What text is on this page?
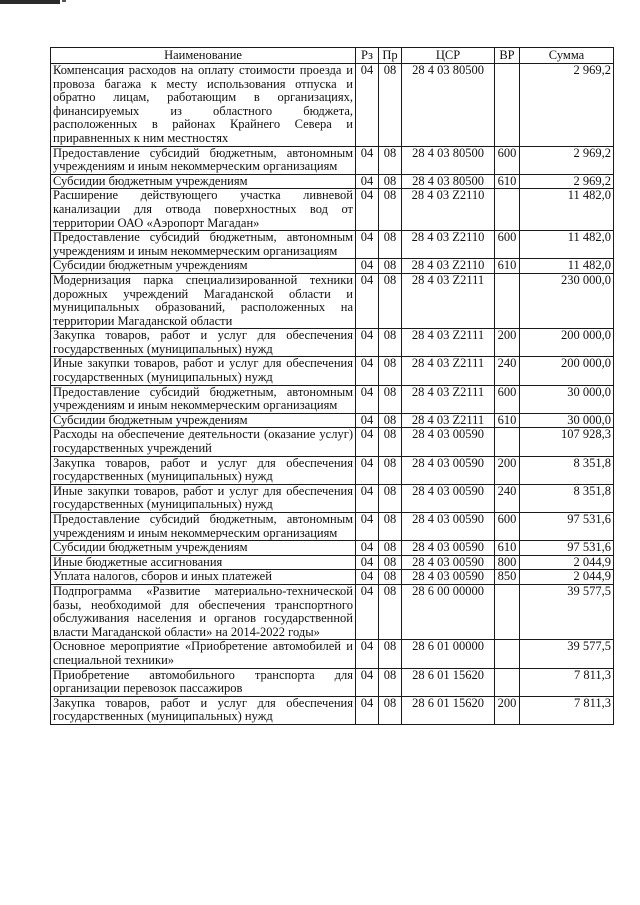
Наименование	Рз	Пр	ЦСР	ВР	Сумма
Компенсация расходов на оплату стоимости проезда и провоза багажа к месту использования отпуска и обратно лицам, работающим в организациях, финансируемых из областного бюджета, расположенных в районах Крайнего Севера и приравненных к ним местностях	04	08	28 4 03 80500		2 969,2
Предоставление субсидий бюджетным, автономным учреждениям и иным некоммерческим организациям	04	08	28 4 03 80500	600	2 969,2
Субсидии бюджетным учреждениям	04	08	28 4 03 80500	610	2 969,2
Расширение действующего участка ливневой канализации для отвода поверхностных вод от территории ОАО «Аэропорт Магадан»	04	08	28 4 03 Z2110		11 482,0
Предоставление субсидий бюджетным, автономным учреждениям и иным некоммерческим организациям	04	08	28 4 03 Z2110	600	11 482,0
Субсидии бюджетным учреждениям	04	08	28 4 03 Z2110	610	11 482,0
Модернизация парка специализированной техники дорожных учреждений Магаданской области и муниципальных образований, расположенных на территории Магаданской области	04	08	28 4 03 Z2111		230 000,0
Закупка товаров, работ и услуг для обеспечения государственных (муниципальных) нужд	04	08	28 4 03 Z2111	200	200 000,0
Иные закупки товаров, работ и услуг для обеспечения государственных (муниципальных) нужд	04	08	28 4 03 Z2111	240	200 000,0
Предоставление субсидий бюджетным, автономным учреждениям и иным некоммерческим организациям	04	08	28 4 03 Z2111	600	30 000,0
Субсидии бюджетным учреждениям	04	08	28 4 03 Z2111	610	30 000,0
Расходы на обеспечение деятельности (оказание услуг) государственных учреждений	04	08	28 4 03 00590		107 928,3
Закупка товаров, работ и услуг для обеспечения государственных (муниципальных) нужд	04	08	28 4 03 00590	200	8 351,8
Иные закупки товаров, работ и услуг для обеспечения государственных (муниципальных) нужд	04	08	28 4 03 00590	240	8 351,8
Предоставление субсидий бюджетным, автономным учреждениям и иным некоммерческим организациям	04	08	28 4 03 00590	600	97 531,6
Субсидии бюджетным учреждениям	04	08	28 4 03 00590	610	97 531,6
Иные бюджетные ассигнования	04	08	28 4 03 00590	800	2 044,9
Уплата налогов, сборов и иных платежей	04	08	28 4 03 00590	850	2 044,9
Подпрограмма «Развитие материально-технической базы, необходимой для обеспечения транспортного обслуживания населения и органов государственной власти Магаданской области» на 2014-2022 годы»	04	08	28 6 00 00000		39 577,5
Основное мероприятие «Приобретение автомобилей и специальной техники»	04	08	28 6 01 00000		39 577,5
Приобретение автомобильного транспорта для организации перевозок пассажиров	04	08	28 6 01 15620		7 811,3
Закупка товаров, работ и услуг для обеспечения государственных (муниципальных) нужд	04	08	28 6 01 15620	200	7 811,3
